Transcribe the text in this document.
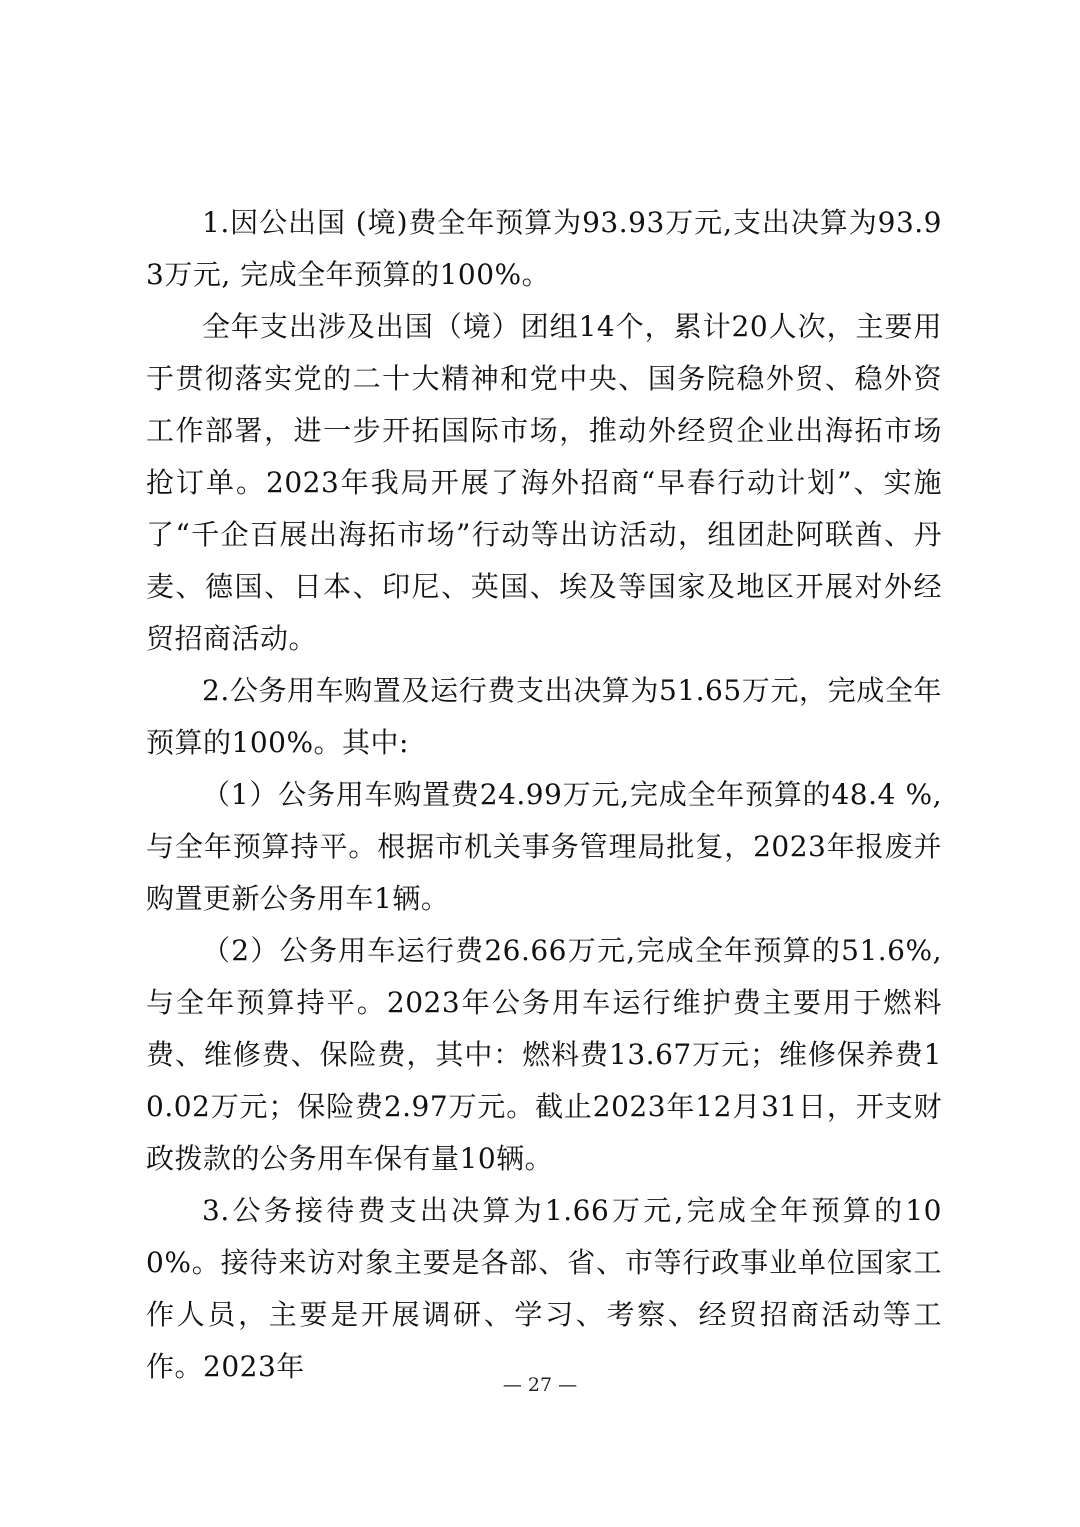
1.因公出国 (境)费全年预算为93.93万元,支出决算为93.93万元, 完成全年预算的100%。

全年支出涉及出国（境）团组14个，累计20人次，主要用于贯彻落实党的二十大精神和党中央、国务院稳外贸、稳外资工作部署，进一步开拓国际市场，推动外经贸企业出海拓市场抢订单。2023年我局开展了海外招商“早春行动计划”、实施了“千企百展出海拓市场”行动等出访活动，组团赴阿联酋、丹麦、德国、日本、印尼、英国、埃及等国家及地区开展对外经贸招商活动。

2.公务用车购置及运行费支出决算为51.65万元，完成全年预算的100%。其中:

（1）公务用车购置费24.99万元,完成全年预算的48.4 %,与全年预算持平。根据市机关事务管理局批复，2023年报废并购置更新公务用车1辆。

（2）公务用车运行费26.66万元,完成全年预算的51.6%,与全年预算持平。2023年公务用车运行维护费主要用于燃料费、维修费、保险费，其中：燃料费13.67万元；维修保养费10.02万元；保险费2.97万元。截止2023年12月31日，开支财政拨款的公务用车保有量10辆。

3.公务接待费支出决算为1.66万元,完成全年预算的100%。接待来访对象主要是各部、省、市等行政事业单位国家工作人员，主要是开展调研、学习、考察、经贸招商活动等工作。2023年

— 27 —
